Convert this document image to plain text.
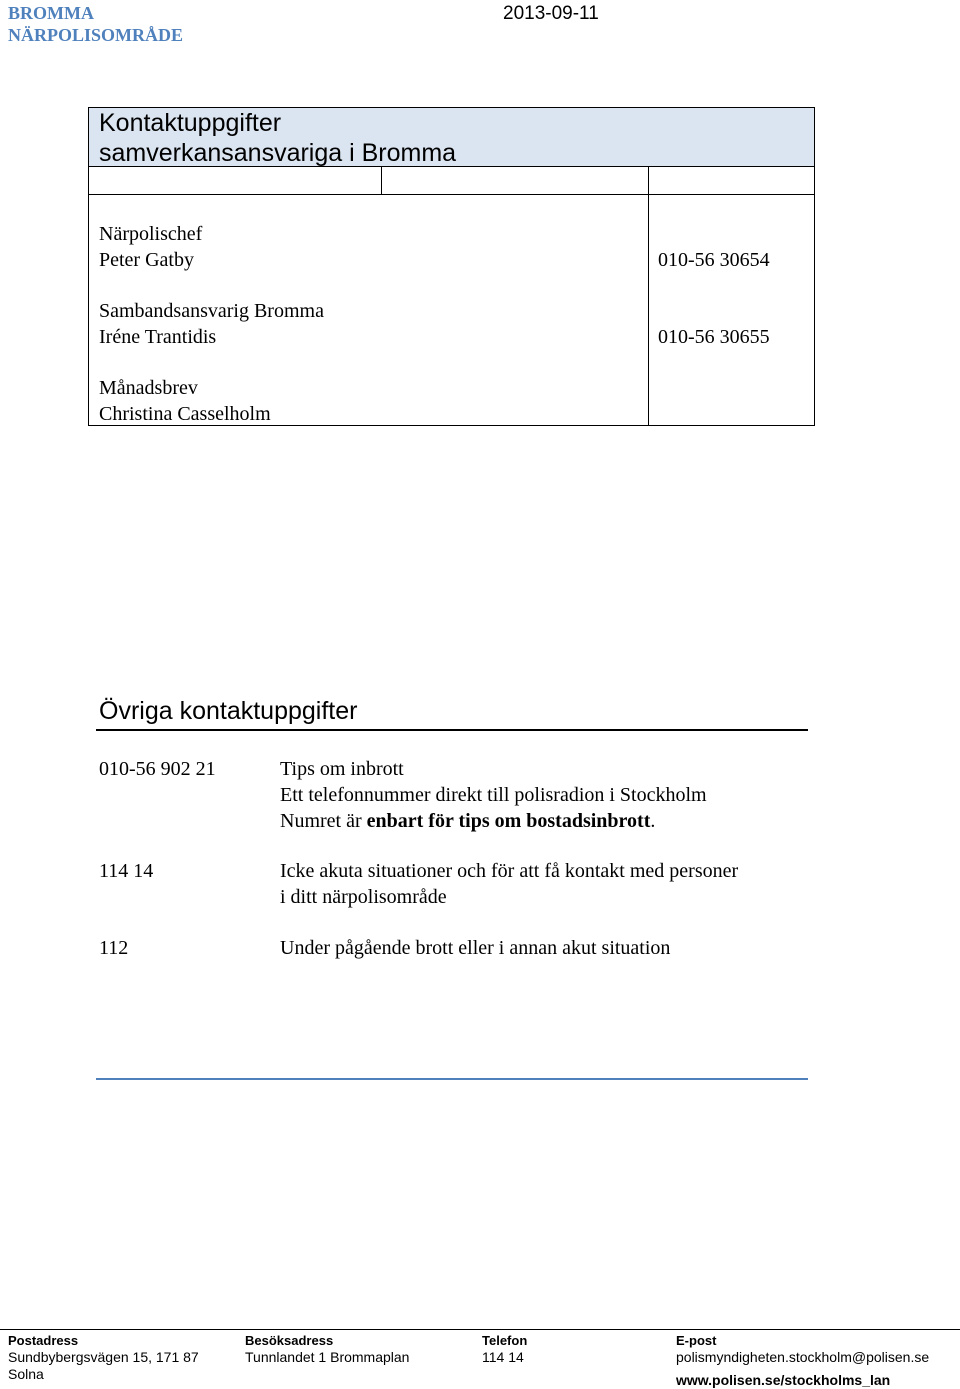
BROMMA
NÄRPOLISOMRÅDE
2013-09-11
Kontaktuppgifter
samverkansansvariga i Bromma
Närpolischef
Peter Gatby	010-56 30654
Sambandsansvarig Bromma
Iréne Trantidis	010-56 30655
Månadsbrev
Christina Casselholm
Övriga kontaktuppgifter
010-56 902 21	Tips om inbrott
Ett telefonnummer direkt till polisradion i Stockholm
Numret är enbart för tips om bostadsinbrott.
114 14	Icke akuta situationer och för att få kontakt med personer
i ditt närpolisområde
112	Under pågående brott eller i annan akut situation
Postadress
Sundbybergsvägen 15, 171 87
Solna
Besöksadress
Tunnlandet 1 Brommaplan
Telefon
114 14
E-post
polismyndigheten.stockholm@polisen.se
www.polisen.se/stockholms_lan
